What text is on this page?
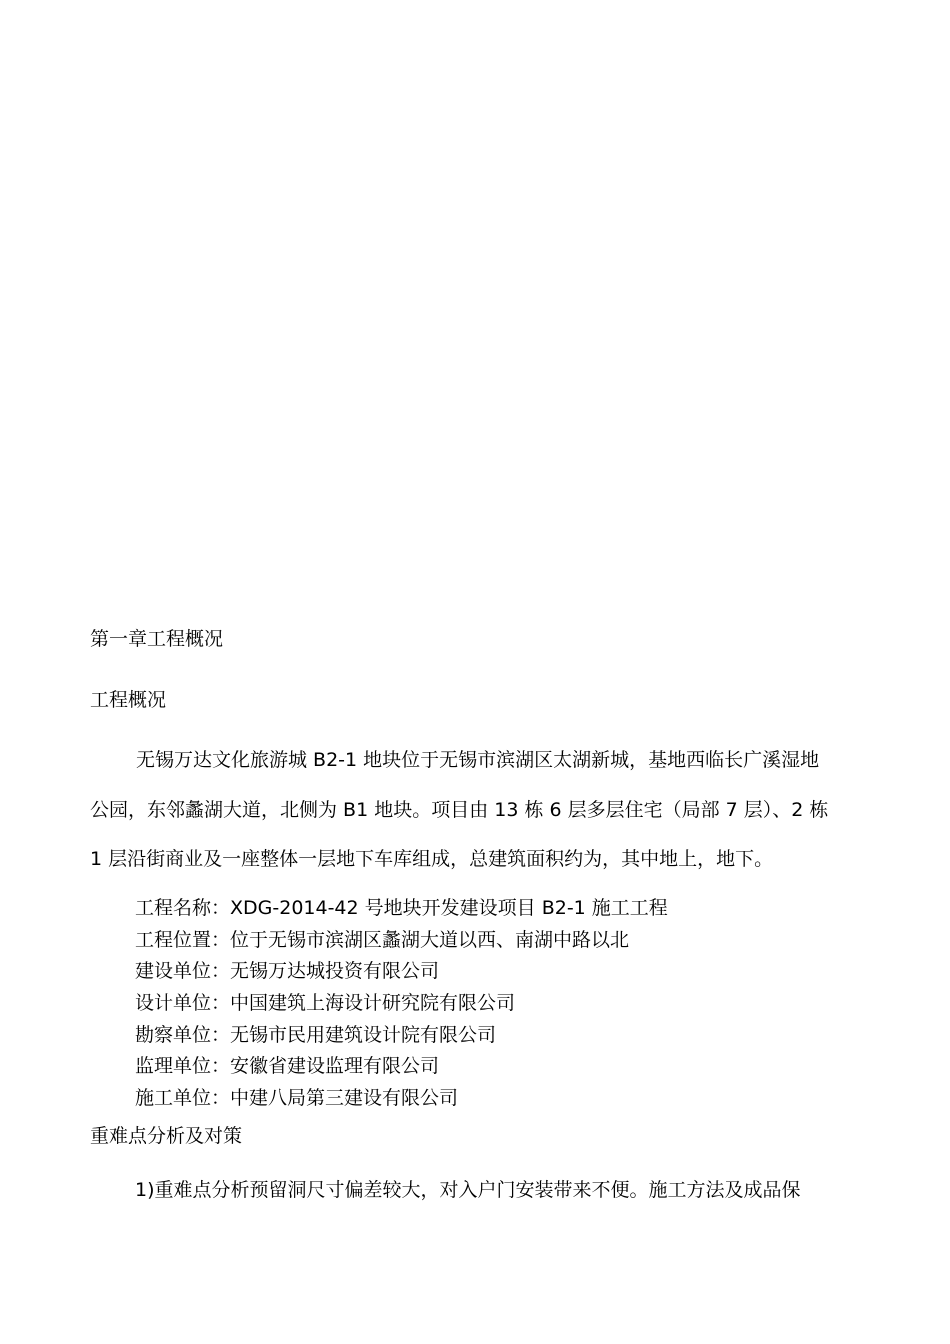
第一章工程概况
工程概况
无锡万达文化旅游城 B2-1 地块位于无锡市滨湖区太湖新城，基地西临长广溪湿地
公园，东邻蠡湖大道，北侧为 B1 地块。项目由 13 栋 6 层多层住宅（局部 7 层）、2 栋
1 层沿街商业及一座整体一层地下车库组成，总建筑面积约为，其中地上，地下。
工程名称：XDG-2014-42 号地块开发建设项目 B2-1 施工工程
工程位置：位于无锡市滨湖区蠡湖大道以西、南湖中路以北
建设单位：无锡万达城投资有限公司
设计单位：中国建筑上海设计研究院有限公司
勘察单位：无锡市民用建筑设计院有限公司
监理单位：安徽省建设监理有限公司
施工单位：中建八局第三建设有限公司
重难点分析及对策
1)重难点分析预留洞尺寸偏差较大，对入户门安装带来不便。施工方法及成品保
